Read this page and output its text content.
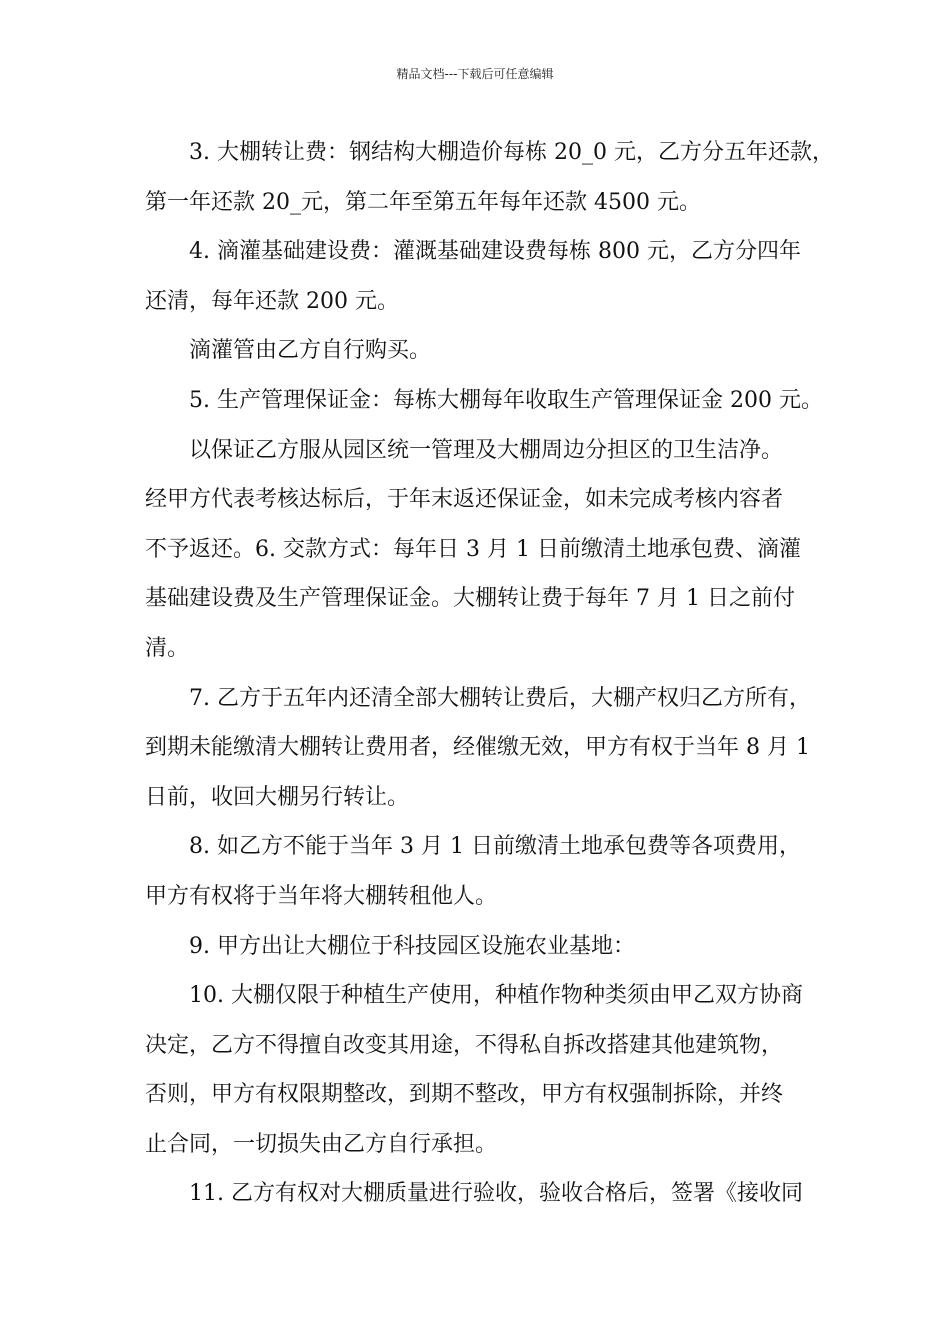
精品文档---下载后可任意编辑
3. 大棚转让费：钢结构大棚造价每栋 20_0 元，乙方分五年还款，
第一年还款 20_元，第二年至第五年每年还款 4500 元。
4. 滴灌基础建设费：灌溉基础建设费每栋 800 元，乙方分四年
还清，每年还款 200 元。
滴灌管由乙方自行购买。
5. 生产管理保证金：每栋大棚每年收取生产管理保证金 200 元。
以保证乙方服从园区统一管理及大棚周边分担区的卫生洁净。
经甲方代表考核达标后，于年末返还保证金，如未完成考核内容者
不予返还。6. 交款方式：每年日 3 月 1 日前缴清土地承包费、滴灌
基础建设费及生产管理保证金。大棚转让费于每年 7 月 1 日之前付
清。
7. 乙方于五年内还清全部大棚转让费后，大棚产权归乙方所有，
到期未能缴清大棚转让费用者，经催缴无效，甲方有权于当年 8 月 1
日前，收回大棚另行转让。
8. 如乙方不能于当年 3 月 1 日前缴清土地承包费等各项费用，
甲方有权将于当年将大棚转租他人。
9. 甲方出让大棚位于科技园区设施农业基地：
10. 大棚仅限于种植生产使用，种植作物种类须由甲乙双方协商
决定，乙方不得擅自改变其用途，不得私自拆改搭建其他建筑物，
否则，甲方有权限期整改，到期不整改，甲方有权强制拆除，并终
止合同，一切损失由乙方自行承担。
11. 乙方有权对大棚质量进行验收，验收合格后，签署《接收同
